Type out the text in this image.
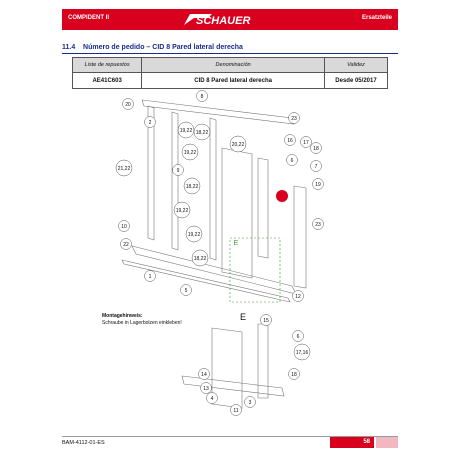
COMPIDENT II	SCHAUER	Ersatzteile
11.4 Número de pedido – CID 8 Pared lateral derecha
Liste de repuestos	Denominación	Validez
AE41C603	CID 8 Pared lateral derecha	Desde 05/2017
20
8
23
2
19,22 18,22
20,22
16 17
18
19,22
6
9
21,22	7
18,22	19
19,22
10
22
23
19,22
18,22
E
1
5
12
15
6
17,16
18
14
13
4
11
3
Montagehinweis:
Schraube in Lagerbolzen einkleben!
E
BAM-4112-01-ES	58
